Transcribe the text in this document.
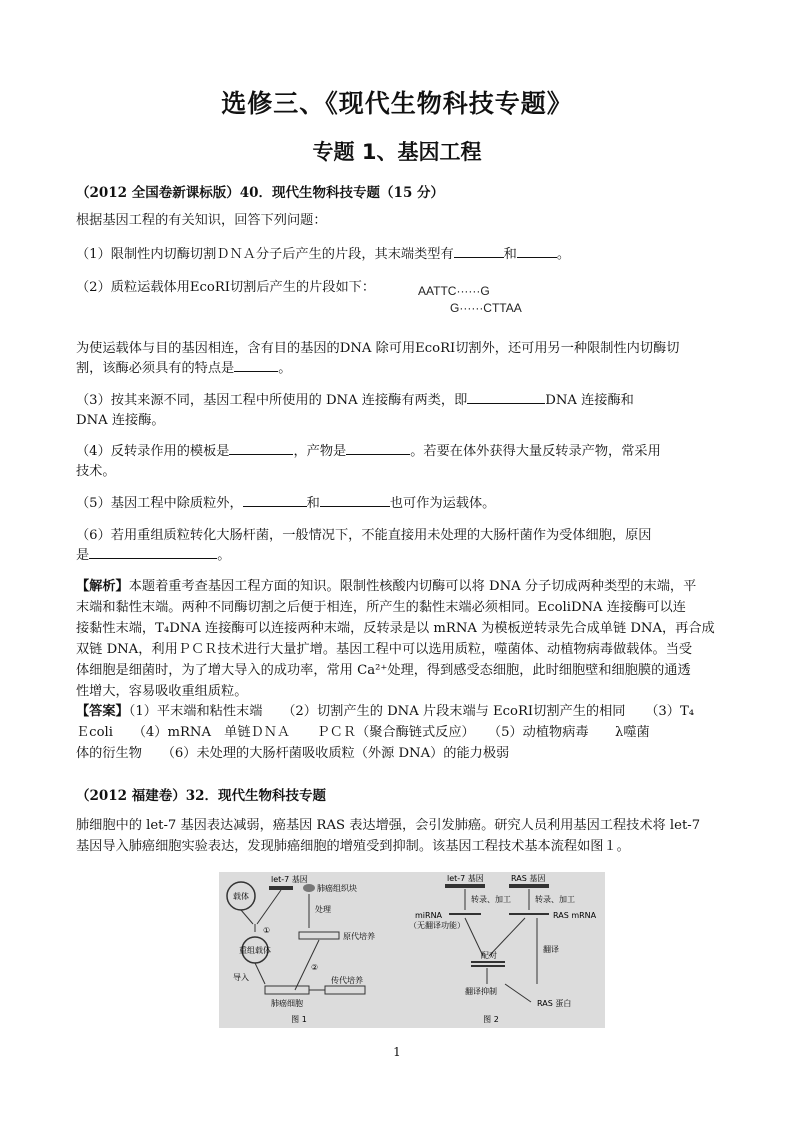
选修三、《现代生物科技专题》
专题 1、基因工程
（2012 全国卷新课标版）40．现代生物科技专题（15 分）
根据基因工程的有关知识，回答下列问题：
（1）限制性内切酶切割ＤＮＡ分子后产生的片段，其末端类型有	和	。
（2）质粒运载体用EcoRⅠ切割后产生的片段如下：	AATTC······G
G······CTTAA
为使运载体与目的基因相连，含有目的基因的DNA 除可用EcoRⅠ切割外，还可用另一种限制性内切酶切
割，该酶必须具有的特点是	。
（3）按其来源不同，基因工程中所使用的 DNA 连接酶有两类，即	DNA 连接酶和
DNA 连接酶。
（4）反转录作用的模板是	，产物是	。若要在体外获得大量反转录产物，常采用
技术。
（5）基因工程中除质粒外，	和	也可作为运载体。
（6）若用重组质粒转化大肠杆菌，一般情况下，不能直接用未处理的大肠杆菌作为受体细胞，原因
是	。
【解析】本题着重考查基因工程方面的知识。限制性核酸内切酶可以将 DNA 分子切成两种类型的末端，平
末端和黏性末端。两种不同酶切割之后便于相连，所产生的黏性末端必须相同。EcoliDNA 连接酶可以连
接黏性末端，T₄DNA 连接酶可以连接两种末端，反转录是以 mRNA 为模板逆转录先合成单链 DNA，再合成
双链 DNA，利用ＰＣＲ技术进行大量扩增。基因工程中可以选用质粒，噬菌体、动植物病毒做载体。当受
体细胞是细菌时，为了增大导入的成功率，常用 Ca²⁺处理，得到感受态细胞，此时细胞壁和细胞膜的通透
性增大，容易吸收重组质粒。
【答案】（1）平末端和粘性末端　　（2）切割产生的 DNA 片段末端与 EcoRⅠ切割产生的相同　　（3）T₄
Ｅcoli　　（4）mRNA　单链ＤＮＡ　　ＰＣＲ（聚合酶链式反应）　　（5）动植物病毒　　λ噬菌
体的衍生物　　（6）未处理的大肠杆菌吸收质粒（外源 DNA）的能力极弱
（2012 福建卷）32．现代生物科技专题
肺细胞中的 let-7 基因表达减弱，癌基因 RAS 表达增强，会引发肺癌。研究人员利用基因工程技术将 let-7
基因导入肺癌细胞实验表达，发现肺癌细胞的增殖受到抑制。该基因工程技术基本流程如图１。
载体
let-7 基因
肺癌组织块
①
重组载体
处理
原代培养
②
导入	传代培养
肺癌细胞
图 1
let-7 基因	RAS 基因
转录、加工	转录、加工
miRNA
（无翻译功能）
RAS mRNA
翻译
配对
翻译抑制
RAS 蛋白
图 2
1
